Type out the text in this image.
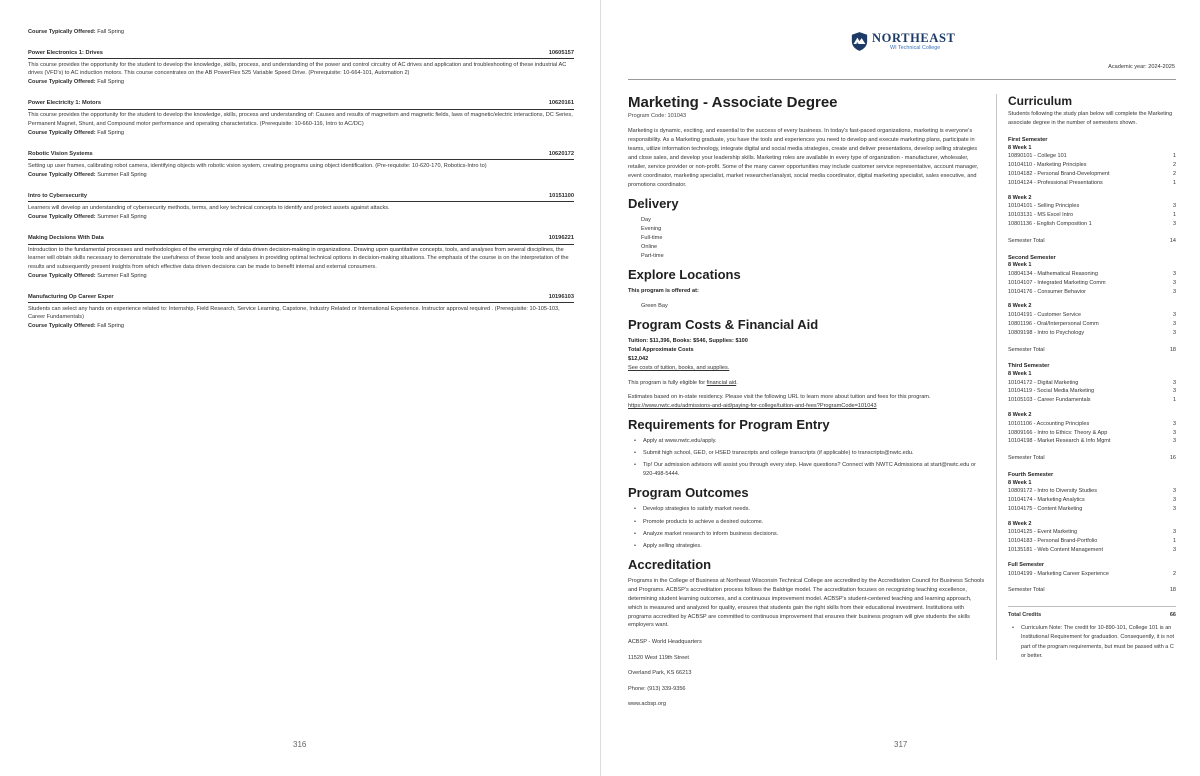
Course Typically Offered: Fall Spring
Power Electronics 1: Drives	10605157
This course provides the opportunity for the student to develop the knowledge, skills, process, and understanding of the power and control circuitry of AC drives and application and troubleshooting of these industrial AC drives (VFD's) to AC induction motors. This course concentrates on the AB PowerFlex 525 Variable Speed Drive. (Prerequisite: 10-664-101, Automation 2)
Course Typically Offered: Fall Spring
Power Electricity 1: Motors	10620161
This course provides the opportunity for the student to develop the knowledge, skills, process and understanding of: Causes and results of magnetism and magnetic fields, laws of magnetic/electric interactions, DC Series, Permanent Magnet, Shunt, and Compound motor performance and operating characteristics. (Prerequisite: 10-660-116, Intro to AC/DC)
Course Typically Offered: Fall Spring
Robotic Vision Systems	10620172
Setting up user frames, calibrating robot camera, identifying objects with robotic vision system, creating programs using object identification. (Pre-requisite: 10-620-170, Robotics-Intro to)
Course Typically Offered: Summer Fall Spring
Intro to Cybersecurity	10151100
Learners will develop an understanding of cybersecurity methods, terms, and key technical concepts to identify and protect assets against attacks.
Course Typically Offered: Summer Fall Spring
Making Decisions With Data	10196221
Introduction to the fundamental processes and methodologies of the emerging role of data driven decision-making in organizations. Drawing upon quantitative concepts, tools, and analyses from several disciplines, the learner will obtain skills necessary to demonstrate the usefulness of these tools and analyses in providing optimal technical options in decision-making situations. The emphasis of the course is on the interpretation of the results and subsequently present insights from which effective data driven decisions can be made to benefit internal and external consumers.
Course Typically Offered: Summer Fall Spring
Manufacturing Op Career Exper	10196103
Students can select any hands on experience related to: Internship, Field Research, Service Learning, Capstone, Industry Related or International Experience. Instructor approval required . (Prerequisite: 10-105-103, Career Fundamentals)
Course Typically Offered: Fall Spring
316
NORTHEAST
WI Technical College
Academic year: 2024-2025
Marketing - Associate Degree
Program Code: 101043
Marketing is dynamic, exciting, and essential to the success of every business. In today's fast-paced organizations, marketing is everyone's responsibility. As a Marketing graduate, you have the tools and experiences you need to develop and execute marketing plans, participate in teams, utilize information technology, integrate digital and social media strategies, create and deliver presentations, develop selling strategies and close sales, and develop your leadership skills. Marketing roles are available in every type of organization - manufacturer, wholesaler, retailer, service provider or non-profit. Some of the many career opportunities may include customer service representative, account manager, event coordinator, marketing specialist, market researcher/analyst, social media coordinator, digital marketing specialist, sales executive, and promotions coordinator.
Delivery
Day
Evening
Full-time
Online
Part-time
Explore Locations
This program is offered at:
Green Bay
Program Costs & Financial Aid
Tuition: $11,396, Books: $546, Supplies: $100
Total Approximate Costs
$12,042
See costs of tuition, books, and supplies.
This program is fully eligible for financial aid.
Estimates based on in-state residency. Please visit the following URL to learn more about tuition and fees for this program.
https://www.nwtc.edu/admissions-and-aid/paying-for-college/tuition-and-fees?ProgramCode=101043
Requirements for Program Entry
• Apply at www.nwtc.edu/apply.
• Submit high school, GED, or HSED transcripts and college transcripts (if applicable) to transcripts@nwtc.edu.
• Tip! Our admission advisors will assist you through every step. Have questions? Connect with NWTC Admissions at start@nwtc.edu or 920-498-5444.
Program Outcomes
• Develop strategies to satisfy market needs.
• Promote products to achieve a desired outcome.
• Analyze market research to inform business decisions.
• Apply selling strategies.
Accreditation
Programs in the College of Business at Northeast Wisconsin Technical College are accredited by the Accreditation Council for Business Schools and Programs. ACBSP's accreditation process follows the Baldrige model. The accreditation focuses on recognizing teaching excellence, determining student learning outcomes, and a continuous improvement model. ACBSP's student-centered teaching and learning approach, which is measured and analyzed for quality, ensures that students gain the right skills from their educational investment. Institutions with programs accredited by ACBSP are committed to continuous improvement that ensures their business program will give students the skills employers want.
ACBSP - World Headquarters
11520 West 119th Street
Overland Park, KS 66213
Phone: (913) 339-9356
www.acbsp.org
Curriculum
Students following the study plan below will complete the Marketing associate degree in the number of semesters shown.
First Semester
8 Week 1
10890101 - College 101	1
10104110 - Marketing Principles	2
10104182 - Personal Brand-Development	2
10104124 - Professional Presentations	1
8 Week 2
10104101 - Selling Principles	3
10103131 - MS Excel Intro	1
10801136 - English Composition 1	3
Semester Total	14
Second Semester
8 Week 1
10804134 - Mathematical Reasoning	3
10104107 - Integrated Marketing Comm	3
10104176 - Consumer Behavior	3
8 Week 2
10104191 - Customer Service	3
10801196 - Oral/Interpersonal Comm	3
10809198 - Intro to Psychology	3
Semester Total	18
Third Semester
8 Week 1
10104172 - Digital Marketing	3
10104119 - Social Media Marketing	3
10105103 - Career Fundamentals	1
8 Week 2
10101106 - Accounting Principles	3
10809166 - Intro to Ethics: Theory & App	3
10104198 - Market Research & Info Mgmt	3
Semester Total	16
Fourth Semester
8 Week 1
10809172 - Intro to Diversity Studies	3
10104174 - Marketing Analytics	3
10104175 - Content Marketing	3
8 Week 2
10104125 - Event Marketing	3
10104183 - Personal Brand-Portfolio	1
10135181 - Web Content Management	3
Full Semester
10104199 - Marketing Career Experience	2
Semester Total	18
Total Credits	66
• Curriculum Note: The credit for 10-890-101, College 101 is an Institutional Requirement for graduation. Consequently, it is not part of the program requirements, but must be passed with a C or better.
317
